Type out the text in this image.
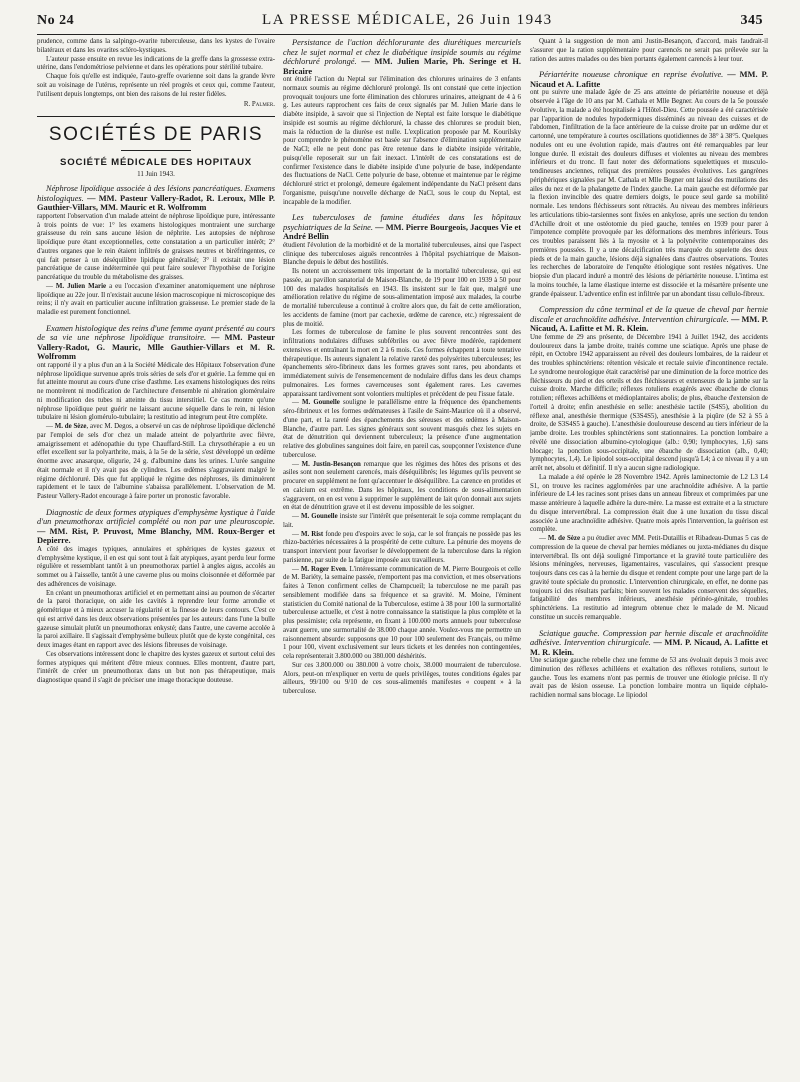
No 24	LA PRESSE MÉDICALE, 26 Juin 1943	345

prudence, comme dans la salpingo-ovarite tuberculeuse, dans les kystes de l'ovaire bilatéraux et dans les ovarites scléro-kystiques.

L'auteur passe ensuite en revue les indications de la greffe dans la grossesse extra-utérine, dans l'endométriose pelvienne et dans les opérations pour stérilité tubaire.

Chaque fois qu'elle est indiquée, l'auto-greffe ovarienne soit dans la grande lèvre soit au voisinage de l'utérus, représente un réel progrès et ceux qui, comme l'auteur, l'utilisent depuis longtemps, ont bien des raisons de lui rester fidèles.

R. Palmer.
SOCIÉTÉS DE PARIS
SOCIÉTÉ MÉDICALE DES HOPITAUX
11 Juin 1943.
Néphrose lipoïdique associée à des lésions pancréatiques. Examens histologiques. — MM. Pasteur Vallery-Radot, R. Leroux, Mlle P. Gauthier-Villars, MM. Mauric et R. Wolfromm

rapportent l'observation d'un malade atteint de néphrose lipoïdique pure, intéressante à trois points de vue: 1° les examens histologiques montraient une surcharge graisseuse du rein sans aucune lésion de néphrite. Les autopsies de néphrose lipoïdique pure étant exceptionnelles, cette constatation a un particulier intérêt; 2° d'autres organes que le rein étaient infiltrés de graisses neutres et biréfringentes, ce qui fait penser à un déséquilibre lipidique généralisé; 3° il existait une lésion pancréatique de cause indéterminée qui peut faire soulever l'hypothèse de l'origine pancréatique du trouble du métabolisme des graisses.

— M. Julien Marie a eu l'occasion d'examiner anatomiquement une néphrose lipoïdique au 22e jour. Il n'existait aucune lésion macroscopique ni microscopique des reins; il n'y avait en particulier aucune infiltration graisseuse. Le premier stade de la maladie est purement fonctionnel.

Examen histologique des reins d'une femme ayant présenté au cours de sa vie une néphrose lipoïdique transitoire. — MM. Pasteur Vallery-Radot, G. Mauric, Mlle Gauthier-Villars et M. R. Wolfromm

ont rapporté il y a plus d'un an à la Société Médicale des Hôpitaux l'observation d'une néphrose lipoïdique survenue après trois séries de sels d'or et guérie. La femme qui en fut atteinte mourut au cours d'une crise d'asthme. Les examens histologiques des reins ne montrèrent ni modification de l'architecture d'ensemble ni altération glomérulaire ni modification des tubes ni atteinte du tissu interstitiel. Ce cas montre qu'une néphrose lipoïdique peut guérir ne laissant aucune séquelle dans le rein, ni lésion tubulaire ni lésion glomérulo-tubulaire; la restitutio ad integrum peut être complète.

— M. de Sèze, avec M. Degos, a observé un cas de néphrose lipoïdique déclenché par l'emploi de sels d'or chez un malade atteint de polyarthrite avec fièvre, amaigrissement et adénopathie du type Chauffard-Still. La chrysothérapie a eu un effet excellent sur la polyarthrite, mais, à la 5e de la série, s'est développé un œdème énorme avec anasarque, oligurie, 24 g. d'albumine dans les urines. L'urée sanguine était normale et il n'y avait pas de cylindres. Les œdèmes s'aggravaient malgré le régime déchloruré. Dès que fut appliqué le régime des néphroses, ils diminuèrent rapidement et le taux de l'albumine s'abaissa parallèlement. L'observation de M. Pasteur Vallery-Radot encourage à faire porter un pronostic favorable.

Diagnostic de deux formes atypiques d'emphysème kystique à l'aide d'un pneumothorax artificiel complété ou non par une pleuroscopie. — MM. Rist, P. Pruvost, Mme Blanchy, MM. Roux-Berger et Depierre.

A côté des images typiques, annulaires et sphériques de kystes gazeux et d'emphysème kystique, il en est qui sont tout à fait atypiques, ayant perdu leur forme régulière et ressemblant tantôt à un pneumothorax partiel à angles aigus, accolés au sommet ou à l'aisselle, tantôt à une caverne plus ou moins cloisonnée et déformée par des adhérences de voisinage.

En créant un pneumothorax artificiel et en permettant ainsi au poumon de s'écarter de la paroi thoracique, on aide les cavités à reprendre leur forme arrondie et géométrique et à mieux accuser la régularité et la finesse de leurs contours. C'est ce qui est arrivé dans les deux observations présentées par les auteurs: dans l'une la bulle gazeuse simulait plutôt un pneumothorax enkysté; dans l'autre, une caverne accolée à la paroi axillaire. Il s'agissait d'emphysème bulleux plutôt que de kyste congénital, ces deux images étant en rapport avec des lésions fibreuses de voisinage.

Ces observations intéressent donc le chapitre des kystes gazeux et surtout celui des formes atypiques qui méritent d'être mieux connues. Elles montrent, d'autre part, l'intérêt de créer un pneumothorax dans un but non pas thérapeutique, mais diagnostique quand il s'agit de préciser une image thoracique douteuse.

Persistance de l'action déchlorurante des diurétiques mercuriels chez le sujet normal et chez le diabétique insipide soumis au régime déchloruré prolongé. — MM. Julien Marie, Ph. Seringe et H. Bricaire

ont étudié l'action du Neptal sur l'élimination des chlorures urinaires de 3 enfants normaux soumis au régime déchloruré prolongé. Ils ont constaté que cette injection provoquait toujours une forte élimination des chlorures urinaires, atteignant de 4 à 6 g. Les auteurs rapprochent ces faits de ceux signalés par M. Julien Marie dans le diabète insipide, à savoir que si l'injection de Neptal est faite lorsque le diabétique insipide est soumis au régime déchloruré, la chasse des chlorures se produit bien, mais la réduction de la diurèse est nulle. L'explication proposée par M. Kourilsky pour comprendre le phénomène est basée sur l'absence d'élimination supplémentaire de NaCl; elle ne peut donc pas être retenue dans le diabète insipide véritable, puisqu'elle reposerait sur un fait inexact. L'intérêt de ces constatations est de confirmer l'existence dans le diabète insipide d'une polyurie de base, indépendante des fluctuations de NaCl. Cette polyurie de base, obtenue et maintenue par le régime déchloruré strict et prolongé, demeure également indépendante du NaCl présent dans l'organisme, puisqu'une nouvelle décharge de NaCl, sous le coup du Neptal, est incapable de la modifier.

Les tuberculoses de famine étudiées dans les hôpitaux psychiatriques de la Seine. — MM. Pierre Bourgeois, Jacques Vie et André Bellin

étudient l'évolution de la morbidité et de la mortalité tuberculeuses, ainsi que l'aspect clinique des tuberculoses aiguës rencontrées à l'hôpital psychiatrique de Maison-Blanche depuis le début des hostilités.

Ils notent un accroissement très important de la mortalité tuberculeuse, qui est passée, au pavillon sanatorial de Maison-Blanche, de 19 pour 100 en 1939 à 50 pour 100 des malades hospitalisés en 1943. Ils insistent sur le fait que, malgré une amélioration relative du régime de sous-alimentation imposé aux malades, la courbe de mortalité tuberculeuse a continué à croître alors que, du fait de cette amélioration, les accidents de famine (mort par cachexie, œdème de carence, etc.) régressaient de plus de moitié.

Les formes de tuberculose de famine le plus souvent rencontrées sont des infiltrations nodulaires diffuses subfébriles ou avec fièvre modérée, rapidement extensives et entraînant la mort en 2 à 6 mois. Ces formes échappent à toute tentative thérapeutique. Ils auteurs signalent la relative rareté des polysérites tuberculeuses; les épanchements séro-fibrineux dans les formes graves sont rares, peu abondants et immédiatement suivis de l'ensemencement de nodulaire diffus dans les deux champs pulmonaires. Les formes cavernceuses sont également rares. Les cavernes apparaissant tardivement sont volontiers multiples et précédent de peu l'issue fatale.

— M. Gounelle souligne le parallélisme entre la fréquence des épanchements séro-fibrineux et les formes œdémateuses à l'asile de Saint-Maurice où il a observé, d'une part, et la rareté des épanchements des séreuses et des œdèmes à Maison-Blanche, d'autre part. Les signes généraux sont souvent masqués chez les sujets en état de dénutrition qui deviennent tuberculeux; la présence d'une augmentation relative des globulines sanguines doit faire, en pareil cas, soupçonner l'existence d'une tuberculose.

— M. Justin-Besançon remarque que les régimes des hôtes des prisons et des asiles sont non seulement carencés, mais déséquilibrés; les légumes qu'ils peuvent se procurer en supplément ne font qu'accentuer le déséquilibre. La carence en protides et en calcium est extrême. Dans les hôpitaux, les conditions de sous-alimentation s'aggravent, on en est venu à supprimer le supplément de lait qu'on donnait aux sujets en état de dénutrition grave et il est devenu impossible de les soigner.

— M. Gounelle insiste sur l'intérêt que présenterait le soja comme remplaçant du lait.

— M. Rist fonde peu d'espoirs avec le soja, car le sol français ne possède pas les rhizo-bactéries nécessaires à la prospérité de cette culture. La pénurie des moyens de transport intervient pour favoriser le développement de la tuberculose dans la région parisienne, par suite de la fatigue imposée aux travailleurs.

— M. Roger Even. L'intéressante communication de M. Pierre Bourgeois et celle de M. Bariéty, la semaine passée, n'emportent pas ma conviction, et mes observations faites à Tenon confirment celles de Champcueil; la tuberculose ne me paraît pas sensiblement modifiée dans sa fréquence et sa gravité. M. Moine, l'éminent statisticien du Comité national de la Tuberculose, estime à 38 pour 100 la surmortalité tuberculeuse actuelle, et c'est à notre connaissance la statistique la plus complète et la plus pessimiste; cela représente, en fixant à 100.000 morts annuels pour tuberculose avant guerre, une surmortalité de 38.000 chaque année. Voulez-vous me permettre un raisonnement absurde: supposons que 10 pour 100 seulement des Français, ou même 1 pour 100, vivent exclusivement sur leurs tickets et les denrées non contingentées, cela représenterait 3.800.000 ou 380.000 déshérités.

Sur ces 3.800.000 ou 380.000 à votre choix, 38.000 mourraient de tuberculose. Alors, peut-on m'expliquer en vertu de quels privilèges, toutes conditions égales par ailleurs, 99/100 ou 9/10 de ces sous-alimentés manifestes « coupent » à la tuberculose.

Quant à la suggestion de mon ami Justin-Besançon, d'accord, mais faudrait-il s'assurer que la ration supplémentaire pour carencés ne serait pas prélevée sur la ration des autres malades ou des bien portants également carencés à leur tour.

Périartérite noueuse chronique en reprise évolutive. — MM. P. Nicaud et A. Lafitte

ont pu suivre une malade âgée de 25 ans atteinte de périartérite noueuse et déjà observée à l'âge de 10 ans par M. Cathala et Mlle Begner. Au cours de la 5e poussée évolutive, la malade a été hospitalisée à l'Hôtel-Dieu. Cette poussée a été caractérisée par l'apparition de nodules hypodermiques disséminés au niveau des cuisses et de l'abdomen, l'infiltration de la face antérieure de la cuisse droite par un œdème dur et cartonné, une température à courtes oscillations quotidiennes de 38° à 38°5. Quelques nodules ont eu une évolution rapide, mais d'autres ont été remarquables par leur longue durée. Il existait des douleurs diffuses et violentes au niveau des membres inférieurs et du tronc. Il faut noter des déformations squelettiques et musculo-tendineuses anciennes, reliquat des premières poussées évolutives. Les gangrènes périphériques signalées par M. Cathala et Mlle Begner ont laissé des mutilations des ailes du nez et de la phalangette de l'index gauche. La main gauche est déformée par la flexion invincible des quatre derniers doigts, le pouce seul garde sa mobilité normale. Les tendons fléchisseurs sont rétractés. Au niveau des membres inférieurs les articulations tibio-tarsiennes sont fixées en ankylose, après une section du tendon d'Achille droit et une ostéotomie du pied gauche, tentées en 1939 pour parer à l'impotence complète provoquée par les déformations des membres inférieurs. Tous ces troubles paraissent liés à la myosite et à la polynévrite contemporaines des premières poussées. Il y a une décalcification très marquée du squelette des deux pieds et de la main gauche, lésions déjà signalées dans d'autres observations. Toutes les recherches de laboratoire de l'enquête étiologique sont restées négatives. Une biopsie d'un placard induré a montré des lésions de périartérite noueuse. L'intima est la moins touchée, la lame élastique interne est dissociée et la mésartère présente une grande épaisseur. L'adventice enfin est infiltrée par un abondant tissu cellulo-fibreux.

Compression du cône terminal et de la queue de cheval par hernie discale et arachnoïdite adhésive. Intervention chirurgicale. — MM. P. Nicaud, A. Lafitte et M. R. Klein.

Une femme de 29 ans présente, de Décembre 1941 à Juillet 1942, des accidents douloureux dans la jambe droite, traités comme une sciatique. Après une phase de répit, en Octobre 1942 apparaissent au réveil des douleurs lombaires, de la raideur et des troubles sphinctériens: rétention vésicale et rectale suivie d'incontinence rectale. Le syndrome neurologique était caractérisé par une diminution de la force motrice des fléchisseurs du pied et des orteils et des fléchisseurs et extenseurs de la jambe sur la cuisse droite. Marche difficile; réflexes rotuliens exagérés avec ébauche de clonus rotulien; réflexes achilléens et médioplantaires abolis; de plus, ébauche d'extension de l'orteil à droite; enfin anesthésie en selle: anesthésie tactile (S4S5), abolition du réflexe anal, anesthésie thermique (S3S4S5), anesthésie à la piqûre (de S2 à S5 à droite, de S3S4S5 à gauche). L'anesthésie douloureuse descend au tiers inférieur de la jambe droite. Les troubles sphinctériens sont stationnaires. La ponction lombaire a révélé une dissociation albumino-cytologique (alb.: 0,90; lymphocytes, 1,6) sans blocage; la ponction sous-occipitale, une ébauche de dissociation (alb., 0,40; lymphocytes, 1,4). Le lipiodol sous-occipital descend jusqu'à L4; à ce niveau il y a un arrêt net, absolu et définitif. Il n'y a aucun signe radiologique.

La malade a été opérée le 28 Novembre 1942. Après laminectomie de L2 L3 L4 S1, on trouve les racines agglomérées par une arachnoïdite adhésive. A la partie inférieure de L4 les racines sont prises dans un anneau fibreux et comprimées par une masse antérieure à laquelle adhère la dure-mère. La masse est extraite et a la structure du disque intervertébral. La compression était due à une luxation du tissu discal associée à une arachnoïdite adhésive. Quatre mois après l'intervention, la guérison est complète.

— M. de Sèze a pu étudier avec MM. Petit-Dutaillis et Ribadeau-Dumas 5 cas de compression de la queue de cheval par hernies médianes ou juxta-médianes du disque intervertébral. Ils ont déjà souligné l'importance et la gravité toute particulière des lésions méningées, nerveuses, ligamentaires, vasculaires, qui s'associent presque toujours dans ces cas à la hernie du disque et rendent compte pour une large part de la gravité toute spéciale du pronostic. L'intervention chirurgicale, en effet, ne donne pas toujours ici des résultats parfaits; bien souvent les malades conservent des séquelles, fatigabilité des membres inférieurs, anesthésie périnéo-génitale, troubles sphinctériens. La restitutio ad integrum obtenue chez le malade de M. Nicaud constitue un succès remarquable.

Sciatique gauche. Compression par hernie discale et arachnoïdite adhésive. Intervention chirurgicale. — MM. P. Nicaud, A. Lafitte et M. R. Klein.

Une sciatique gauche rebelle chez une femme de 53 ans évoluait depuis 3 mois avec diminution des réflexes achilléens et exaltation des réflexes rotuliens, surtout le gauche. Tous les examens n'ont pas permis de trouver une étiologie précise. Il n'y avait pas de lésion osseuse. La ponction lombaire montra un liquide céphalo-rachidien normal sans blocage. Le lipiodol
